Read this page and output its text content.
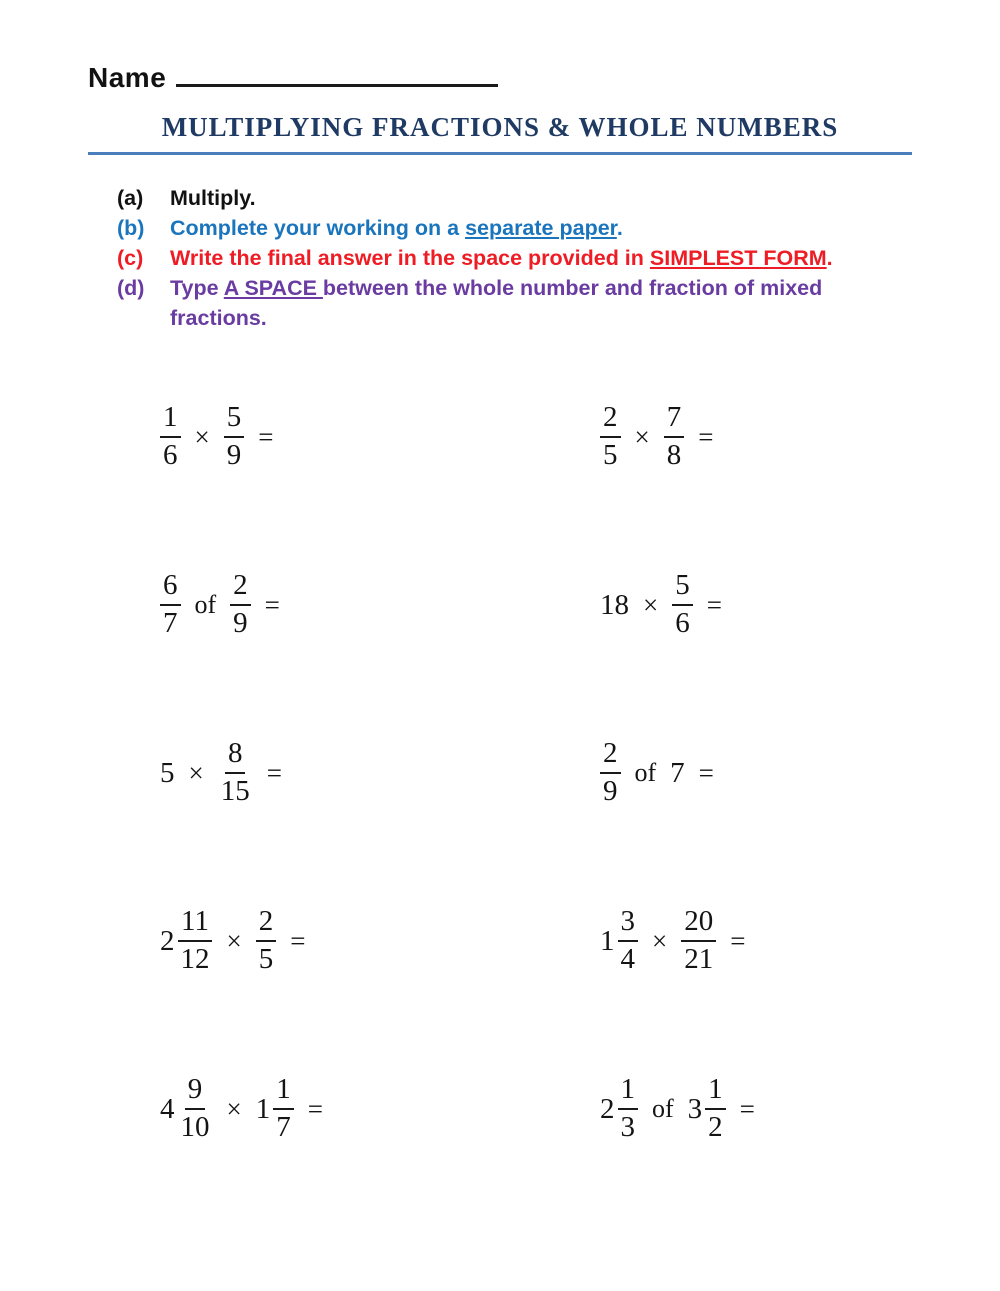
Name
MULTIPLYING FRACTIONS & WHOLE NUMBERS
(a)	Multiply.
(b)	Complete your working on a separate paper.
(c)	Write the final answer in the space provided in SIMPLEST FORM.
(d)	Type A SPACE between the whole number and fraction of mixed fractions.
$\frac{1}{6} \times \frac{5}{9}$ =	$\frac{2}{5} \times \frac{7}{8}$ =
$\frac{6}{7}$ of $\frac{2}{9}$ =	$18 \times \frac{5}{6}$ =
$5 \times \frac{8}{15}$ =	$\frac{2}{9}$ of 7 =
$2 \frac{11}{12} \times \frac{2}{5}$ =	$1 \frac{3}{4} \times \frac{20}{21}$ =
$4 \frac{9}{10} \times 1 \frac{1}{7}$ =	$2 \frac{1}{3}$ of $3 \frac{1}{2}$ =
